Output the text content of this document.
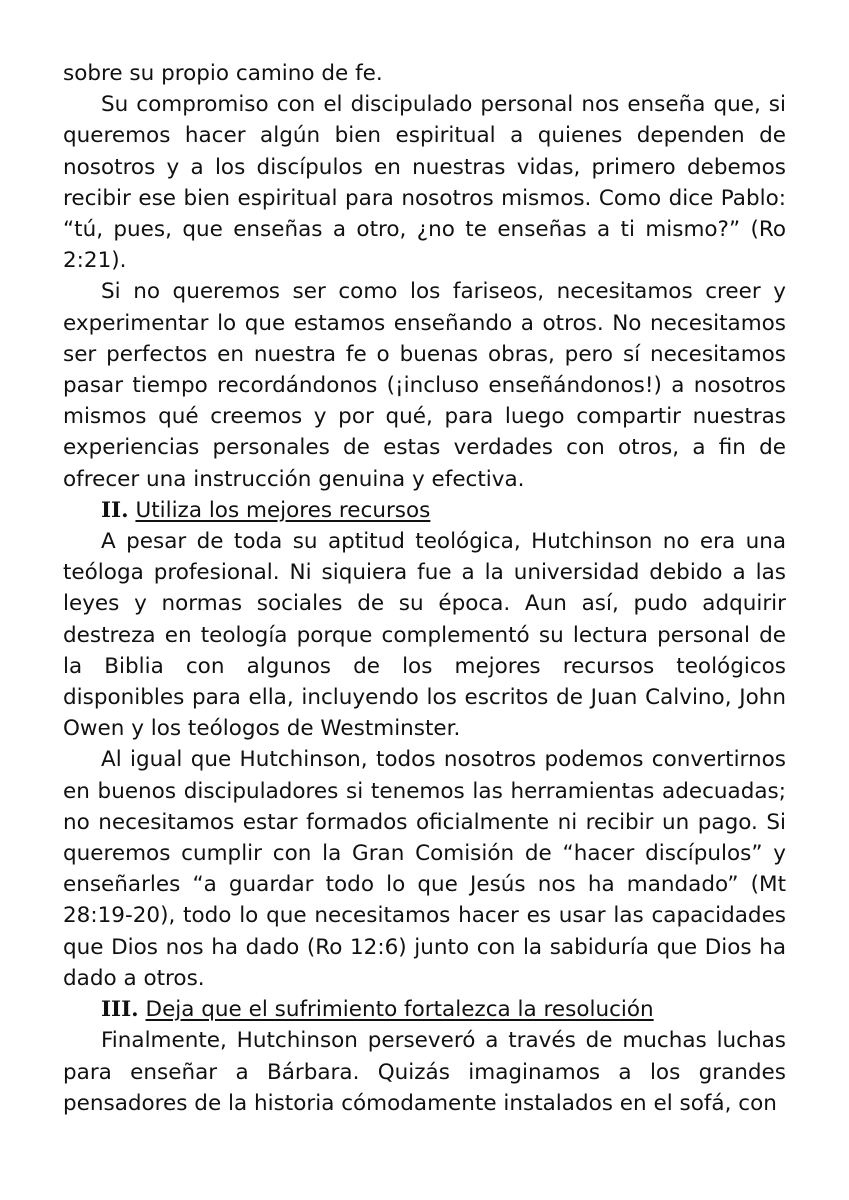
sobre su propio camino de fe.

Su compromiso con el discipulado personal nos enseña que, si queremos hacer algún bien espiritual a quienes dependen de nosotros y a los discípulos en nuestras vidas, primero debemos recibir ese bien espiritual para nosotros mismos. Como dice Pablo: “tú, pues, que enseñas a otro, ¿no te enseñas a ti mismo?” (Ro 2:21).

Si no queremos ser como los fariseos, necesitamos creer y experimentar lo que estamos enseñando a otros. No necesitamos ser perfectos en nuestra fe o buenas obras, pero sí necesitamos pasar tiempo recordándonos (¡incluso enseñándonos!) a nosotros mismos qué creemos y por qué, para luego compartir nuestras experiencias personales de estas verdades con otros, a fin de ofrecer una instrucción genuina y efectiva.

II. Utiliza los mejores recursos

A pesar de toda su aptitud teológica, Hutchinson no era una teóloga profesional. Ni siquiera fue a la universidad debido a las leyes y normas sociales de su época. Aun así, pudo adquirir destreza en teología porque complementó su lectura personal de la Biblia con algunos de los mejores recursos teológicos disponibles para ella, incluyendo los escritos de Juan Calvino, John Owen y los teólogos de Westminster.

Al igual que Hutchinson, todos nosotros podemos convertirnos en buenos discipuladores si tenemos las herramientas adecuadas; no necesitamos estar formados oficialmente ni recibir un pago. Si queremos cumplir con la Gran Comisión de “hacer discípulos” y enseñarles “a guardar todo lo que Jesús nos ha mandado” (Mt 28:19-20), todo lo que necesitamos hacer es usar las capacidades que Dios nos ha dado (Ro 12:6) junto con la sabiduría que Dios ha dado a otros.

III. Deja que el sufrimiento fortalezca la resolución

Finalmente, Hutchinson perseveró a través de muchas luchas para enseñar a Bárbara. Quizás imaginamos a los grandes pensadores de la historia cómodamente instalados en el sofá, con
